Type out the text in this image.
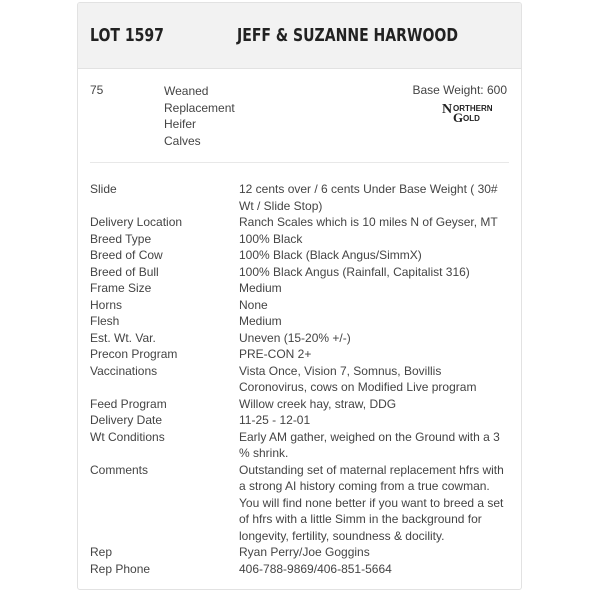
LOT 1597	JEFF & SUZANNE HARWOOD
75	Weaned
Replacement
Heifer
Calves
Base Weight: 600
N ORTHERN
G OLD
Slide	12 cents over / 6 cents Under Base Weight ( 30# Wt / Slide Stop)
Delivery Location	Ranch Scales which is 10 miles N of Geyser, MT
Breed Type	100% Black
Breed of Cow	100% Black (Black Angus/SimmX)
Breed of Bull	100% Black Angus (Rainfall, Capitalist 316)
Frame Size	Medium
Horns	None
Flesh	Medium
Est. Wt. Var.	Uneven (15-20% +/-)
Precon Program	PRE-CON 2+
Vaccinations	Vista Once, Vision 7, Somnus, Bovillis Coronovirus, cows on Modified Live program
Feed Program	Willow creek hay, straw, DDG
Delivery Date	11-25 - 12-01
Wt Conditions	Early AM gather, weighed on the Ground with a 3 % shrink.
Comments	Outstanding set of maternal replacement hfrs with a strong AI history coming from a true cowman. You will find none better if you want to breed a set of hfrs with a little Simm in the background for longevity, fertility, soundness & docility.
Rep	Ryan Perry/Joe Goggins
Rep Phone	406-788-9869/406-851-5664
